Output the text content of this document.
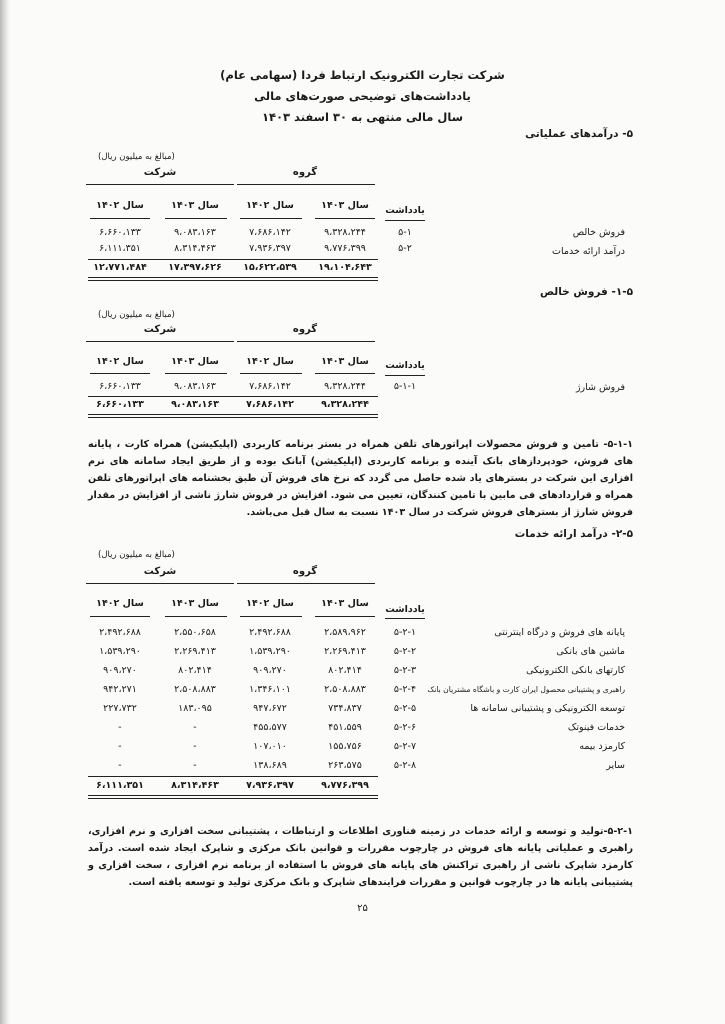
شرکت تجارت الکترونیک ارتباط فردا (سهامی عام)
یادداشت‌های توضیحی صورت‌های مالی
سال مالی منتهی به ۳۰ اسفند ۱۴۰۳
۵- درآمدهای عملیاتی
(مبالغ به میلیون ریال)
گروه
شرکت
سال ۱۴۰۳
سال ۱۴۰۲
سال ۱۴۰۳
سال ۱۴۰۲	یادداشت
فروش خالص
۵-۱
۹،۳۲۸،۲۴۴
۷،۶۸۶،۱۴۲
۹،۰۸۳،۱۶۳
۶،۶۶۰،۱۳۳
درآمد ارائه خدمات
۵-۲
۹،۷۷۶،۳۹۹
۷،۹۳۶،۳۹۷
۸،۳۱۴،۴۶۳
۶،۱۱۱،۳۵۱
۱۹،۱۰۴،۶۴۳
۱۵،۶۲۲،۵۳۹
۱۷،۳۹۷،۶۲۶
۱۲،۷۷۱،۴۸۴
۱-۵- فروش خالص
(مبالغ به میلیون ریال)
گروه
شرکت
سال ۱۴۰۳
سال ۱۴۰۲
سال ۱۴۰۳
سال ۱۴۰۲	یادداشت
فروش شارژ
۵-۱-۱
۹،۳۲۸،۲۴۴
۷،۶۸۶،۱۴۲
۹،۰۸۳،۱۶۳
۶،۶۶۰،۱۳۳
۹،۳۲۸،۲۴۴
۷،۶۸۶،۱۴۲
۹،۰۸۳،۱۶۳
۶،۶۶۰،۱۳۳
۵-۱-۱- تامین و فروش محصولات اپراتورهای تلفن همراه در بستر برنامه کاربردی (اپلیکیشن) همراه کارت ، پایانه های فروش، خودپردازهای بانک آینده و برنامه کاربردی (اپلیکیشن) آبانک بوده و از طریق ایجاد سامانه های نرم افزاری این شرکت در بسترهای یاد شده حاصل می گردد که نرخ های فروش آن طبق بخشنامه های اپراتورهای تلفن همراه و قراردادهای فی مابین با تامین کنندگان، تعیین می شود. افزایش در فروش شارژ ناشی از افزایش در مقدار فروش شارژ از بسترهای فروش شرکت در سال ۱۴۰۳ نسبت به سال قبل می‌باشد.
۲-۵- درآمد ارائه خدمات
(مبالغ به میلیون ریال)
گروه
شرکت
سال ۱۴۰۳
سال ۱۴۰۲
سال ۱۴۰۳
سال ۱۴۰۲
یادداشت
پایانه های فروش و درگاه اینترنتی
۵-۲-۱
۲،۵۸۹،۹۶۲
۲،۴۹۲،۶۸۸
۲،۵۵۰،۶۵۸
۲،۴۹۲،۶۸۸
ماشین های بانکی
۵-۲-۲
۲،۲۶۹،۴۱۳
۱،۵۳۹،۲۹۰
۲،۲۶۹،۴۱۳
۱،۵۳۹،۲۹۰
کارتهای بانکی الکترونیکی
۵-۲-۳
۸۰۲،۴۱۴
۹۰۹،۲۷۰
۸۰۲،۴۱۴
۹۰۹،۲۷۰
راهبری و پشتیبانی محصول ایران کارت و باشگاه مشتریان بانک
۵-۲-۴
۲،۵۰۸،۸۸۳
۱،۳۴۶،۱۰۱
۲،۵۰۸،۸۸۳
۹۴۲،۲۷۱
توسعه الکترونیکی و پشتیبانی سامانه ها
۵-۲-۵
۷۳۴،۸۳۷
۹۴۷،۶۷۲
۱۸۳،۰۹۵
۲۲۷،۷۳۲
خدمات فینوتک
۵-۲-۶
۴۵۱،۵۵۹
۴۵۵،۵۷۷
-
-
کارمزد بیمه
۵-۲-۷
۱۵۵،۷۵۶
۱۰۷،۰۱۰
-
-
سایر
۵-۲-۸
۲۶۳،۵۷۵
۱۳۸،۶۸۹
-
-
۹،۷۷۶،۳۹۹
۷،۹۳۶،۳۹۷
۸،۳۱۴،۴۶۳
۶،۱۱۱،۳۵۱
۵-۲-۱-تولید و توسعه و ارائه خدمات در زمینه فناوری اطلاعات و ارتباطات ، پشتیبانی سخت افزاری و نرم افزاری، راهبری و عملیاتی پایانه های فروش در چارچوب مقررات و قوانین بانک مرکزی و شاپرک ایجاد شده است. درآمد کارمزد شاپرک ناشی از راهبری تراکنش های پایانه های فروش با استفاده از برنامه نرم افزاری ، سخت افزاری و پشتیبانی پایانه ها در چارچوب قوانین و مقررات فرایندهای شاپرک و بانک مرکزی تولید و توسعه یافته است.
۲۵
